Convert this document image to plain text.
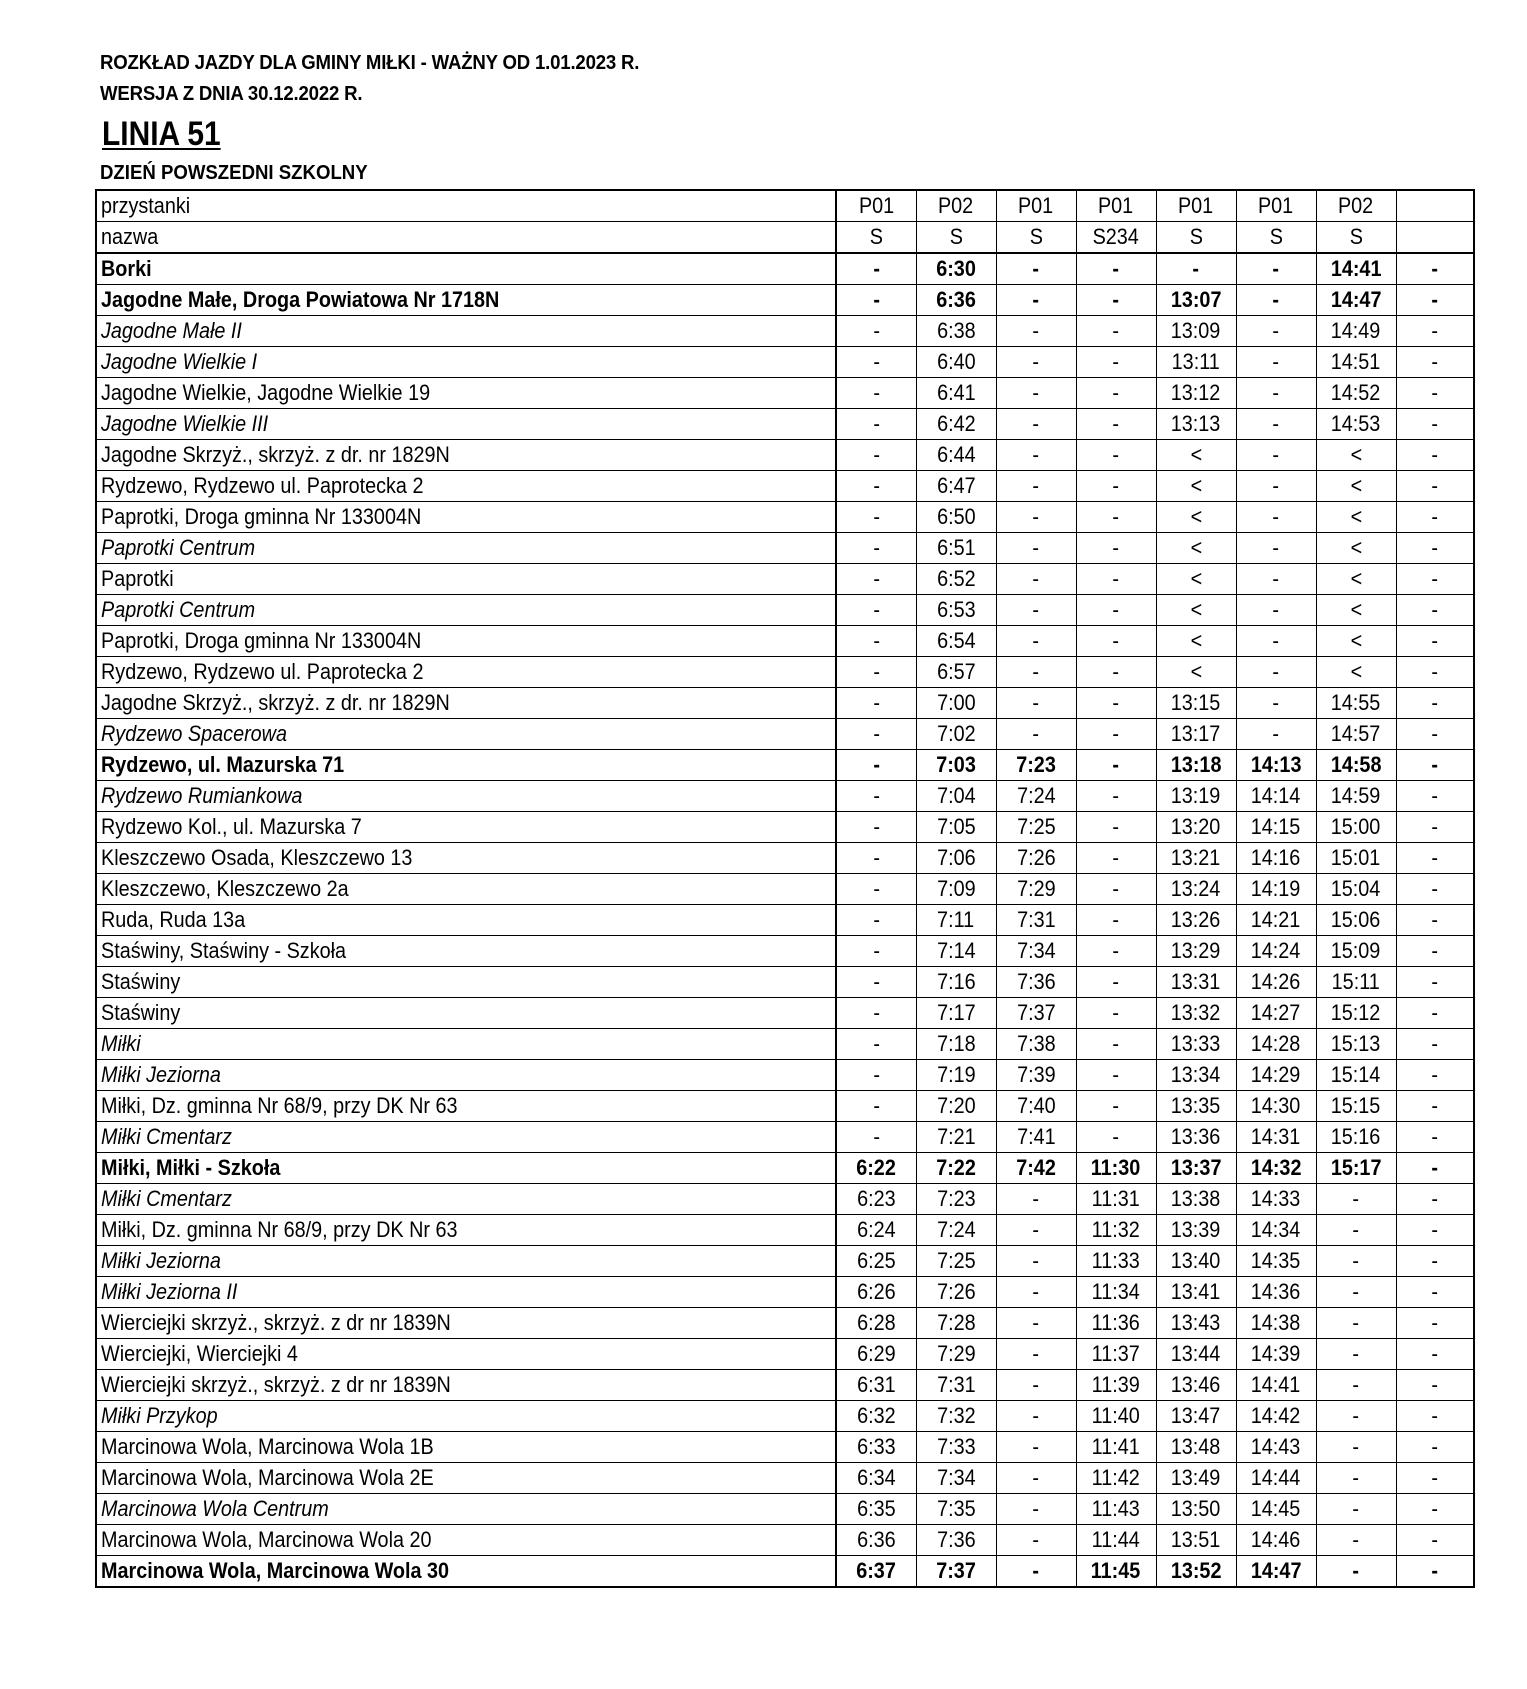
ROZKŁAD JAZDY DLA GMINY MIŁKI - WAŻNY OD 1.01.2023 R.
WERSJA Z DNIA 30.12.2022 R.
LINIA 51
DZIEŃ POWSZEDNI SZKOLNY
przystanki	P01	P02	P01	P01	P01	P01	P02	
nazwa	S	S	S	S234	S	S	S	
Borki	-	6:30	-	-	-	-	14:41	-
Jagodne Małe, Droga Powiatowa Nr 1718N	-	6:36	-	-	13:07	-	14:47	-
Jagodne Małe II	-	6:38	-	-	13:09	-	14:49	-
Jagodne Wielkie I	-	6:40	-	-	13:11	-	14:51	-
Jagodne Wielkie, Jagodne Wielkie 19	-	6:41	-	-	13:12	-	14:52	-
Jagodne Wielkie III	-	6:42	-	-	13:13	-	14:53	-
Jagodne Skrzyż., skrzyż. z dr. nr 1829N	-	6:44	-	-	<	-	<	-
Rydzewo, Rydzewo ul. Paprotecka 2	-	6:47	-	-	<	-	<	-
Paprotki, Droga gminna Nr 133004N	-	6:50	-	-	<	-	<	-
Paprotki Centrum	-	6:51	-	-	<	-	<	-
Paprotki	-	6:52	-	-	<	-	<	-
Paprotki Centrum	-	6:53	-	-	<	-	<	-
Paprotki, Droga gminna Nr 133004N	-	6:54	-	-	<	-	<	-
Rydzewo, Rydzewo ul. Paprotecka 2	-	6:57	-	-	<	-	<	-
Jagodne Skrzyż., skrzyż. z dr. nr 1829N	-	7:00	-	-	13:15	-	14:55	-
Rydzewo Spacerowa	-	7:02	-	-	13:17	-	14:57	-
Rydzewo, ul. Mazurska 71	-	7:03	7:23	-	13:18	14:13	14:58	-
Rydzewo Rumiankowa	-	7:04	7:24	-	13:19	14:14	14:59	-
Rydzewo Kol., ul. Mazurska 7	-	7:05	7:25	-	13:20	14:15	15:00	-
Kleszczewo Osada, Kleszczewo 13	-	7:06	7:26	-	13:21	14:16	15:01	-
Kleszczewo, Kleszczewo 2a	-	7:09	7:29	-	13:24	14:19	15:04	-
Ruda, Ruda 13a	-	7:11	7:31	-	13:26	14:21	15:06	-
Staświny, Staświny - Szkoła	-	7:14	7:34	-	13:29	14:24	15:09	-
Staświny	-	7:16	7:36	-	13:31	14:26	15:11	-
Staświny	-	7:17	7:37	-	13:32	14:27	15:12	-
Miłki	-	7:18	7:38	-	13:33	14:28	15:13	-
Miłki Jeziorna	-	7:19	7:39	-	13:34	14:29	15:14	-
Miłki, Dz. gminna Nr 68/9, przy DK Nr 63	-	7:20	7:40	-	13:35	14:30	15:15	-
Miłki Cmentarz	-	7:21	7:41	-	13:36	14:31	15:16	-
Miłki, Miłki - Szkoła	6:22	7:22	7:42	11:30	13:37	14:32	15:17	-
Miłki Cmentarz	6:23	7:23	-	11:31	13:38	14:33	-	-
Miłki, Dz. gminna Nr 68/9, przy DK Nr 63	6:24	7:24	-	11:32	13:39	14:34	-	-
Miłki Jeziorna	6:25	7:25	-	11:33	13:40	14:35	-	-
Miłki Jeziorna II	6:26	7:26	-	11:34	13:41	14:36	-	-
Wierciejki skrzyż., skrzyż. z dr nr 1839N	6:28	7:28	-	11:36	13:43	14:38	-	-
Wierciejki, Wierciejki 4	6:29	7:29	-	11:37	13:44	14:39	-	-
Wierciejki skrzyż., skrzyż. z dr nr 1839N	6:31	7:31	-	11:39	13:46	14:41	-	-
Miłki Przykop	6:32	7:32	-	11:40	13:47	14:42	-	-
Marcinowa Wola, Marcinowa Wola 1B	6:33	7:33	-	11:41	13:48	14:43	-	-
Marcinowa Wola, Marcinowa Wola 2E	6:34	7:34	-	11:42	13:49	14:44	-	-
Marcinowa Wola Centrum	6:35	7:35	-	11:43	13:50	14:45	-	-
Marcinowa Wola, Marcinowa Wola 20	6:36	7:36	-	11:44	13:51	14:46	-	-
Marcinowa Wola, Marcinowa Wola 30	6:37	7:37	-	11:45	13:52	14:47	-	-
